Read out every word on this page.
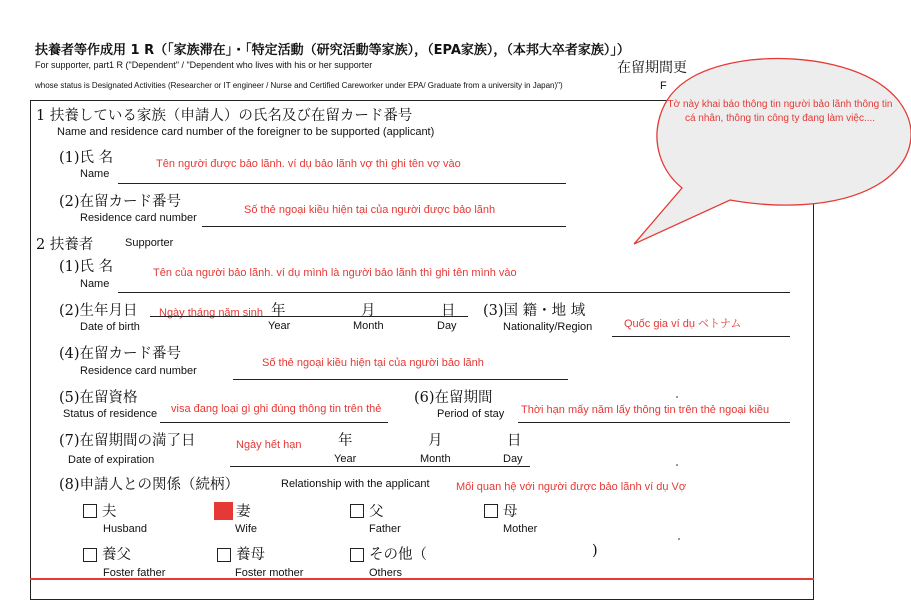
扶養者等作成用 1 R（「家族滞在」・「特定活動（研究活動等家族），（EPA家族），（本邦大卒者家族）」）
For supporter, part1 R ("Dependent" / "Dependent who lives with his or her supporter
whose status is Designated Activities (Researcher or IT engineer / Nurse and Certified Careworker under EPA/ Graduate from a university in Japan)")
在留期間更
F
1 扶養している家族（申請人）の氏名及び在留カード番号
Name and residence card number of the foreigner to be supported (applicant)
(1)氏 名
Name
Tên người được bảo lãnh. ví dụ bảo lãnh vợ thì ghi tên vợ vào
(2)在留カード番号
Residence card number
Số thẻ ngoại kiều hiện tại của người được bảo lãnh
2 扶養者	Supporter
(1)氏 名
Name
Tên của người bảo lãnh. ví dụ mình là người bảo lãnh thì ghi tên mình vào
(2)生年月日
Date of birth
Ngày tháng năm sinh 年
Year
月
Month
日
Day
(3)国 籍・地 域
Nationality/Region	Quốc gia ví dụ ベトナム
(4)在留カード番号
Residence card number
Số thẻ ngoại kiều hiện tại của người bảo lãnh
(5)在留資格
Status of residence visa đang loại gì ghi đúng thông tin trên thẻ
(6)在留期間
Period of stay Thời hạn mấy năm lấy thông tin trên thẻ ngoại kiều
(7)在留期間の満了日
Date of expiration
Ngày hết hạn	年
Year
月
Month
日
Day
(8)申請人との関係（続柄）	Relationship with the applicant Mối quan hệ với người được bảo lãnh ví dụ Vợ
夫
Husband
妻
Wife
父
Father
母
Mother
養父
Foster father
養母
Foster mother
その他（
Others
)
Tờ này khai báo thông tin người bảo lãnh thông tin cá nhân, thông tin công ty đang làm việc....
